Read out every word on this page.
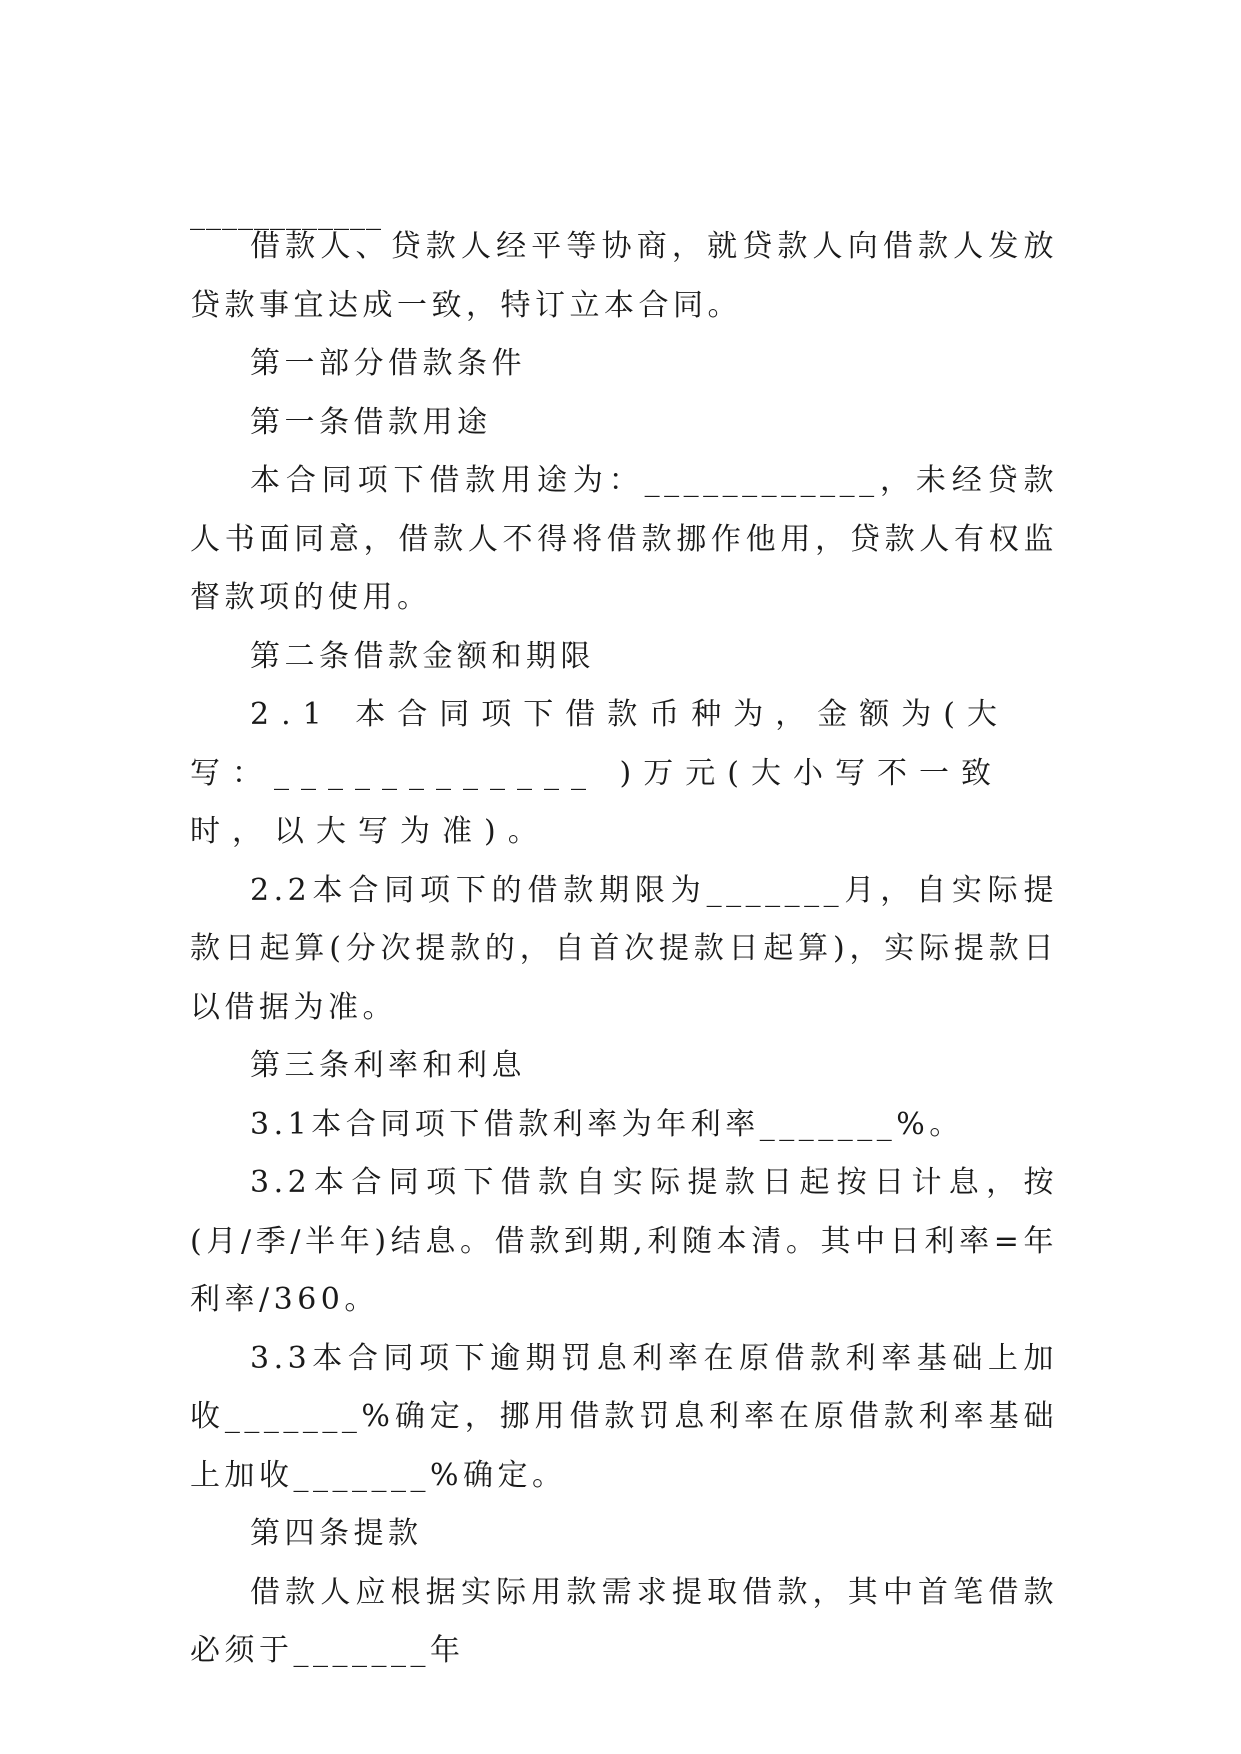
____________

借款人、贷款人经平等协商，就贷款人向借款人发放贷款事宜达成一致，特订立本合同。

第一部分借款条件

第一条借款用途

本合同项下借款用途为：____________，未经贷款人书面同意，借款人不得将借款挪作他用，贷款人有权监督款项的使用。

第二条借款金额和期限

2.1 本合同项下借款币种为，金额为(大写：____________ )万元(大小写不一致时，以大写为准)。

2.2本合同项下的借款期限为_______月，自实际提款日起算(分次提款的，自首次提款日起算)，实际提款日以借据为准。

第三条利率和利息

3.1本合同项下借款利率为年利率_______%。

3.2本合同项下借款自实际提款日起按日计息，按(月/季/半年)结息。借款到期,利随本清。其中日利率=年利率/360。

3.3本合同项下逾期罚息利率在原借款利率基础上加收_______%确定，挪用借款罚息利率在原借款利率基础上加收_______%确定。

第四条提款

借款人应根据实际用款需求提取借款，其中首笔借款必须于_______年
